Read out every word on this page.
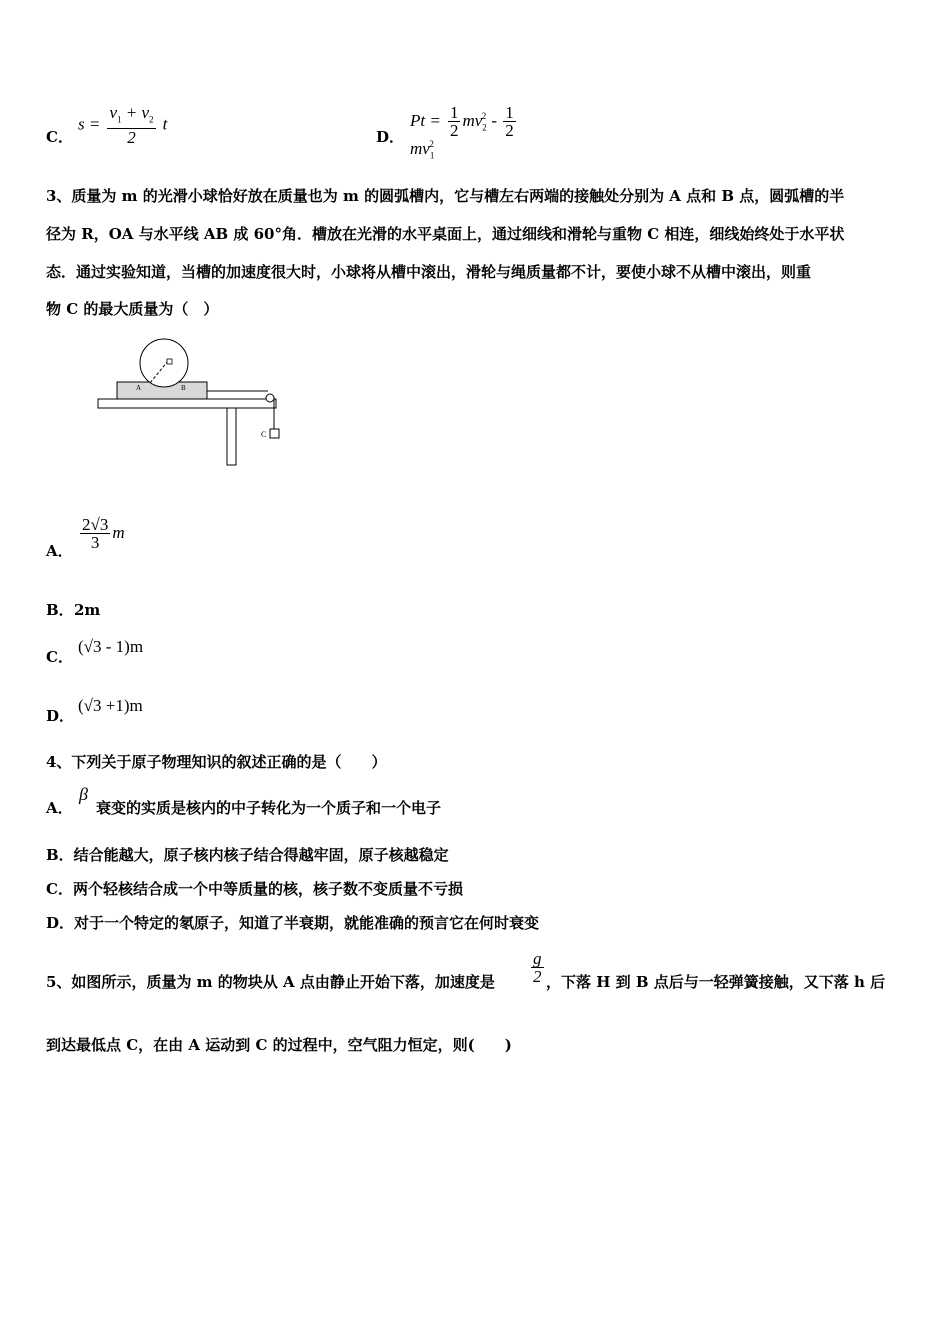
C．
$s = \frac{v_1 + v_2}{2}$ t
D．
$Pt = \frac{1}{2} mv_2^2 - \frac{1}{2}$
$mv_1^2$
3、质量为 m 的光滑小球恰好放在质量也为 m 的圆弧槽内，它与槽左右两端的接触处分别为 A 点和 B 点，圆弧槽的半
径为 R，OA 与水平线 AB 成 60°角．槽放在光滑的水平桌面上，通过细线和滑轮与重物 C 相连，细线始终处于水平状
态．通过实验知道，当槽的加速度很大时，小球将从槽中滚出，滑轮与绳质量都不计，要使小球不从槽中滚出，则重
物 C 的最大质量为（　）
A	B
C
A． $\frac{2√3}{3}$ m
B． 2m
C．
(√3 - 1)m
D．
(√3 +1)m
4、下列关于原子物理知识的叙述正确的是（　　）
A．
β
衰变的实质是核内的中子转化为一个质子和一个电子
B．结合能越大，原子核内核子结合得越牢固，原子核越稳定
C．两个轻核结合成一个中等质量的核，核子数不变质量不亏损
D．对于一个特定的氡原子，知道了半衰期，就能准确的预言它在何时衰变
5、如图所示，质量为 m 的物块从 A 点由静止开始下落，加速度是 $\frac{g}{2}$ ，下落 H 到 B 点后与一轻弹簧接触，又下落 h 后
到达最低点 C，在由 A 运动到 C 的过程中，空气阻力恒定，则(　　)
